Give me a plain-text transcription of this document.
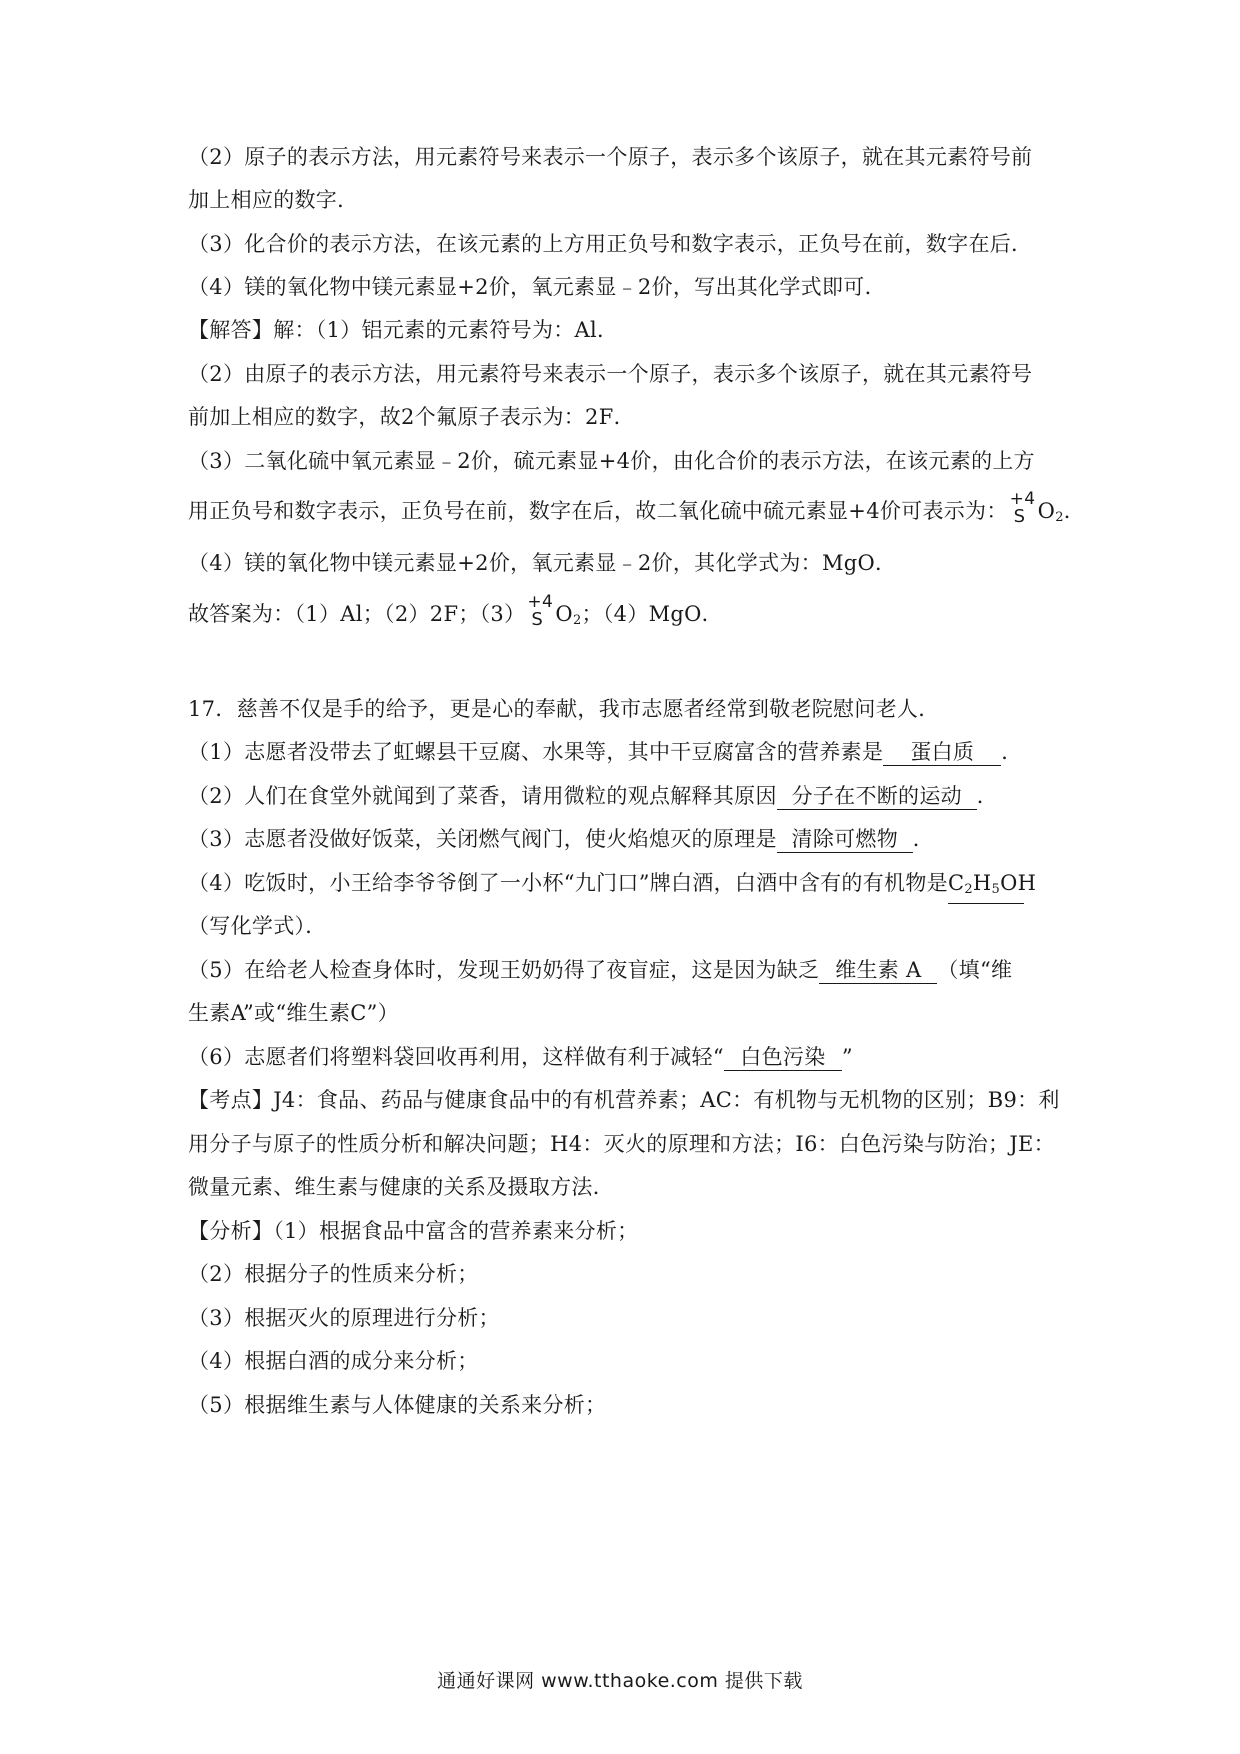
（2）原子的表示方法，用元素符号来表示一个原子，表示多个该原子，就在其元素符号前
加上相应的数字．
（3）化合价的表示方法，在该元素的上方用正负号和数字表示，正负号在前，数字在后．
（4）镁的氧化物中镁元素显+2价，氧元素显﹣2价，写出其化学式即可．
【解答】解：（1）铝元素的元素符号为：Al．
（2）由原子的表示方法，用元素符号来表示一个原子，表示多个该原子，就在其元素符号
前加上相应的数字，故2个氟原子表示为：2F．
（3）二氧化硫中氧元素显﹣2价，硫元素显+4价，由化合价的表示方法，在该元素的上方
用正负号和数字表示，正负号在前，数字在后，故二氧化硫中硫元素显+4价可表示为： +4
S $O_2$．
（4）镁的氧化物中镁元素显+2价，氧元素显﹣2价，其化学式为：MgO．
故答案为：（1）Al；（2）2F；（3） +4
S $O_2$；（4）MgO．
17．慈善不仅是手的给予，更是心的奉献，我市志愿者经常到敬老院慰问老人．
（1）志愿者没带去了虹螺县干豆腐、水果等，其中干豆腐富含的营养素是 蛋白质 ．
（2）人们在食堂外就闻到了菜香，请用微粒的观点解释其原因 分子在不断的运动 ．
（3）志愿者没做好饭菜，关闭燃气阀门，使火焰熄灭的原理是 清除可燃物 ．
（4）吃饭时，小王给李爷爷倒了一小杯“九门口”牌白酒，白酒中含有的有机物是$C_2H_5OH$
（写化学式）．
（5）在给老人检查身体时，发现王奶奶得了夜盲症，这是因为缺乏 维生素 A （填“维
生素A”或“维生素C”）
（6）志愿者们将塑料袋回收再利用，这样做有利于减轻“ 白色污染 ”
【考点】J4：食品、药品与健康食品中的有机营养素；AC：有机物与无机物的区别；B9：利
用分子与原子的性质分析和解决问题；H4：灭火的原理和方法；I6：白色污染与防治；JE：
微量元素、维生素与健康的关系及摄取方法．
【分析】（1）根据食品中富含的营养素来分析；
（2）根据分子的性质来分析；
（3）根据灭火的原理进行分析；
（4）根据白酒的成分来分析；
（5）根据维生素与人体健康的关系来分析；
通通好课网 www.tthaoke.com 提供下载
